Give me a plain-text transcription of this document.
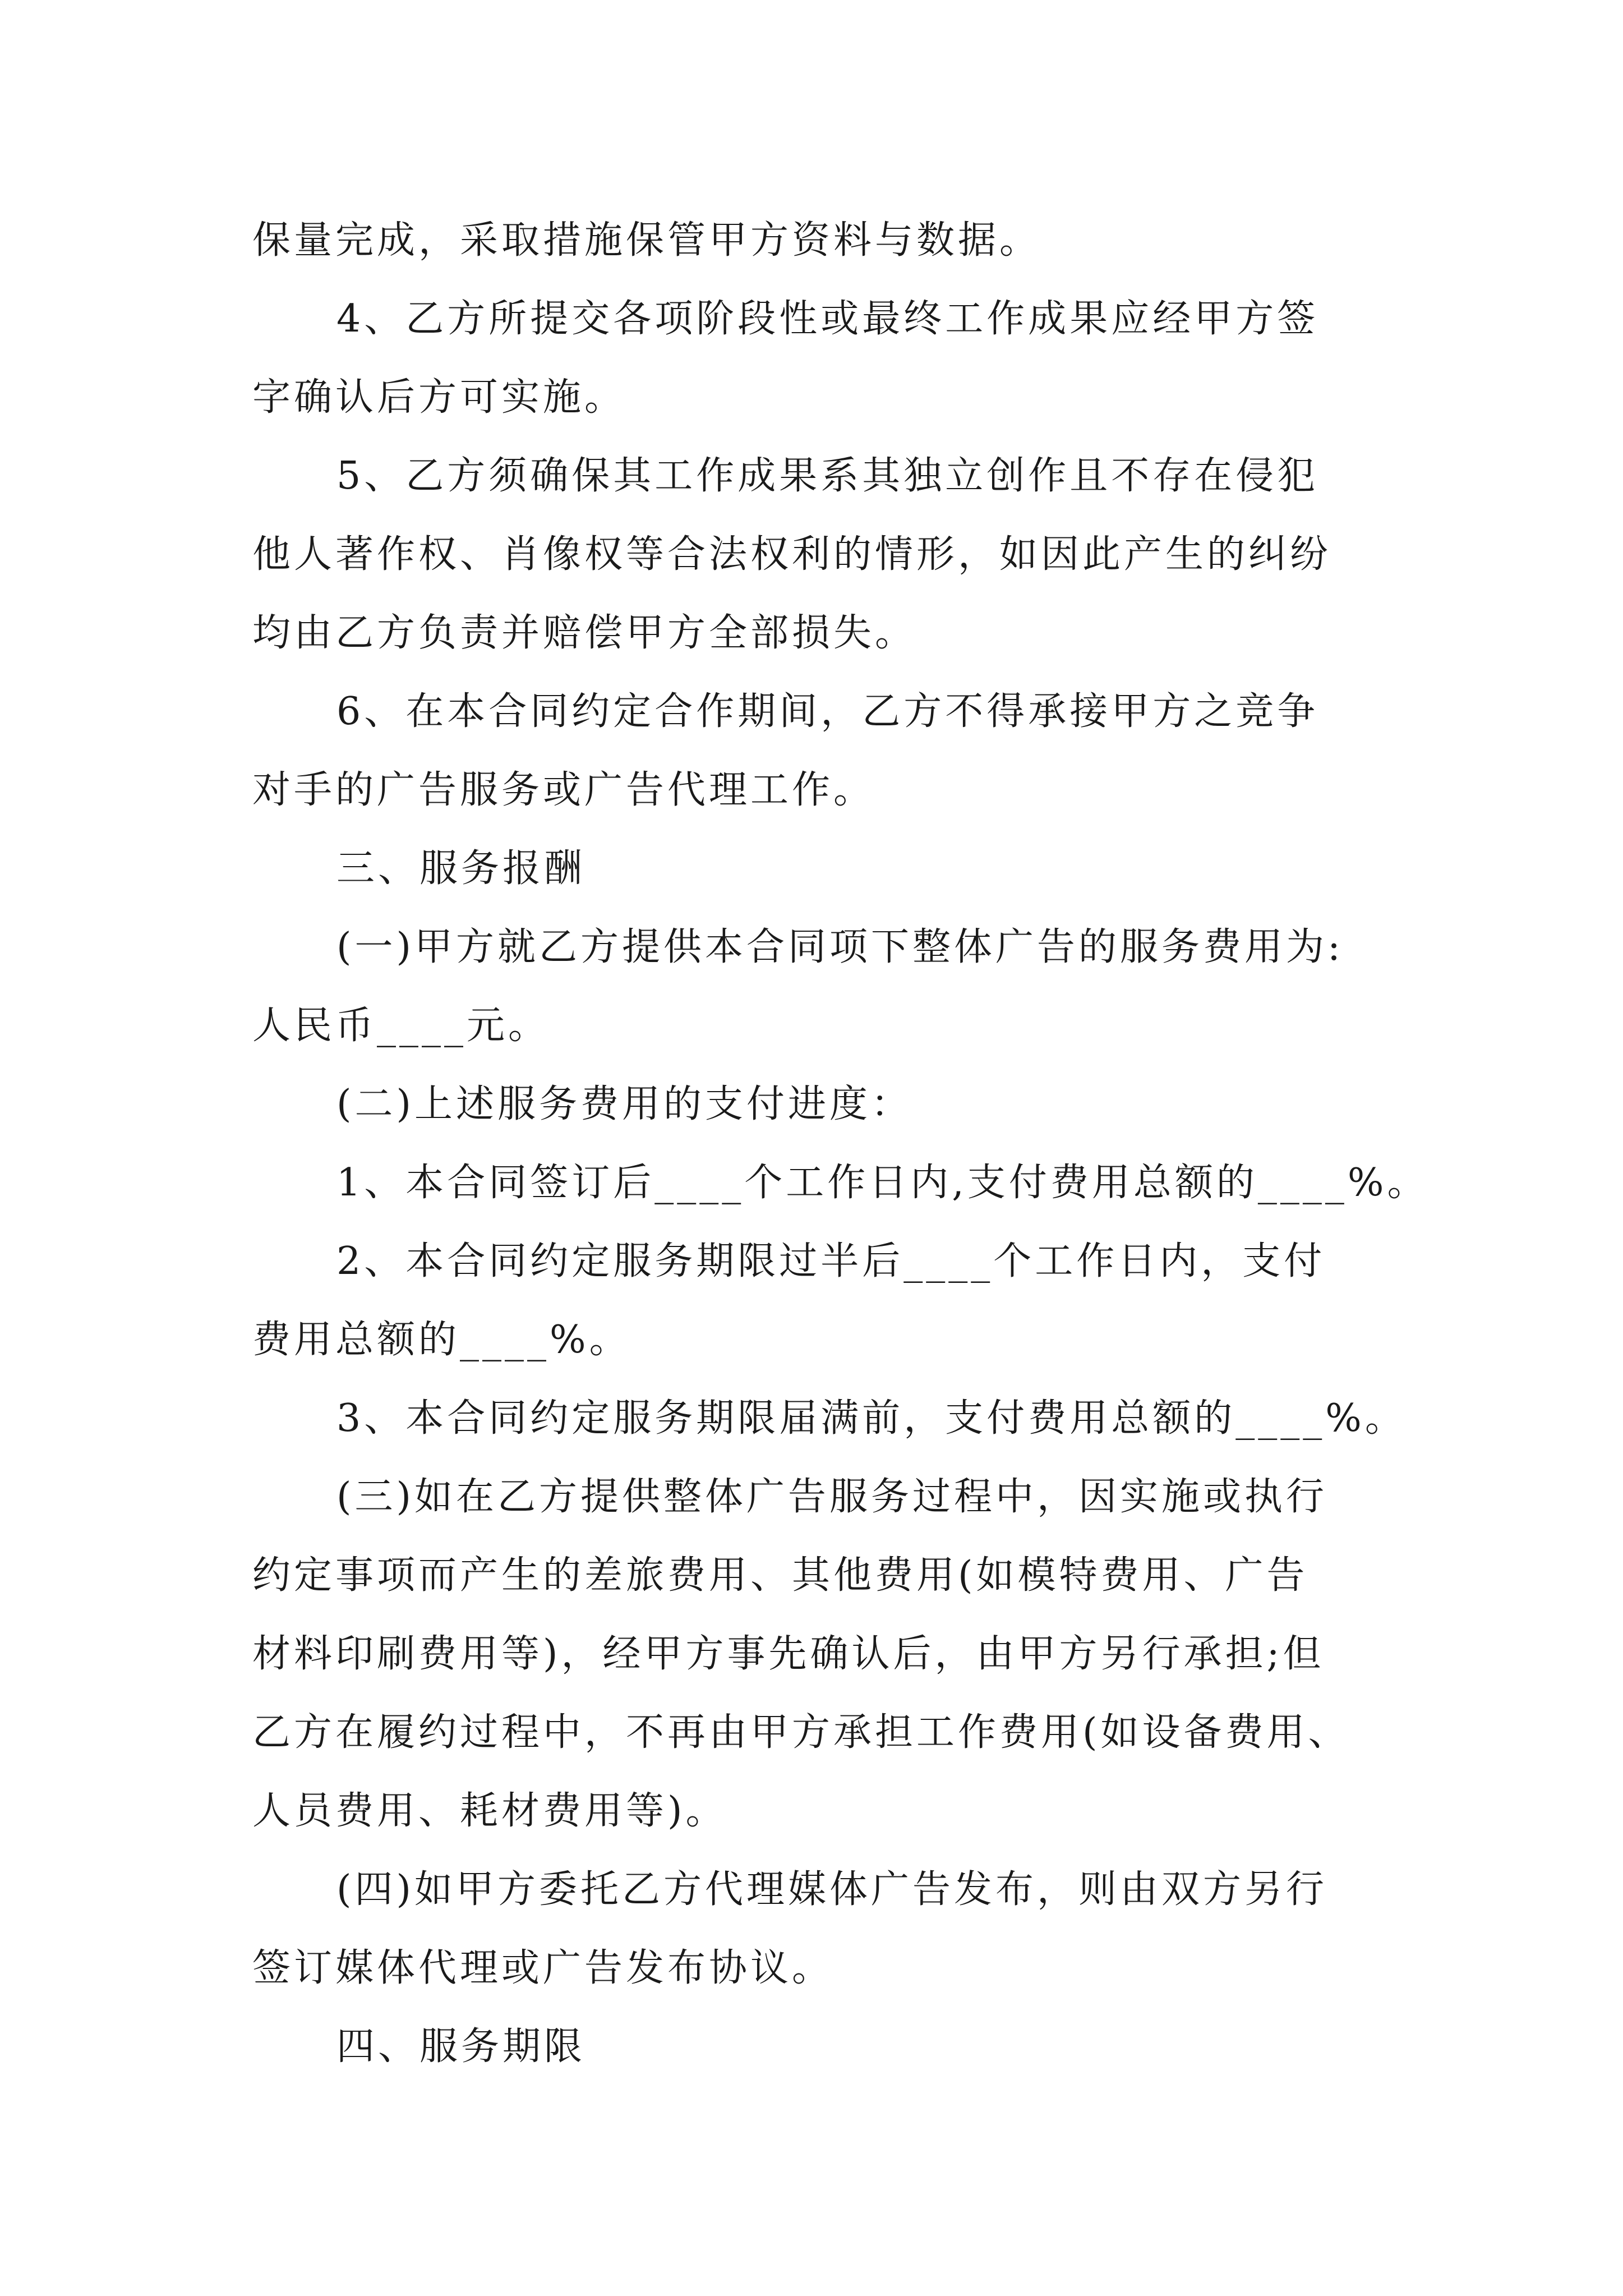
保量完成，采取措施保管甲方资料与数据。
4、乙方所提交各项阶段性或最终工作成果应经甲方签
字确认后方可实施。
5、乙方须确保其工作成果系其独立创作且不存在侵犯
他人著作权、肖像权等合法权利的情形，如因此产生的纠纷
均由乙方负责并赔偿甲方全部损失。
6、在本合同约定合作期间，乙方不得承接甲方之竞争
对手的广告服务或广告代理工作。
三、服务报酬
(一)甲方就乙方提供本合同项下整体广告的服务费用为:
人民币____元。
(二)上述服务费用的支付进度：
1、本合同签订后____个工作日内,支付费用总额的____%。
2、本合同约定服务期限过半后____个工作日内，支付
费用总额的____%。
3、本合同约定服务期限届满前，支付费用总额的____%。
(三)如在乙方提供整体广告服务过程中，因实施或执行
约定事项而产生的差旅费用、其他费用(如模特费用、广告
材料印刷费用等)，经甲方事先确认后，由甲方另行承担;但
乙方在履约过程中，不再由甲方承担工作费用(如设备费用、
人员费用、耗材费用等)。
(四)如甲方委托乙方代理媒体广告发布，则由双方另行
签订媒体代理或广告发布协议。
四、服务期限
